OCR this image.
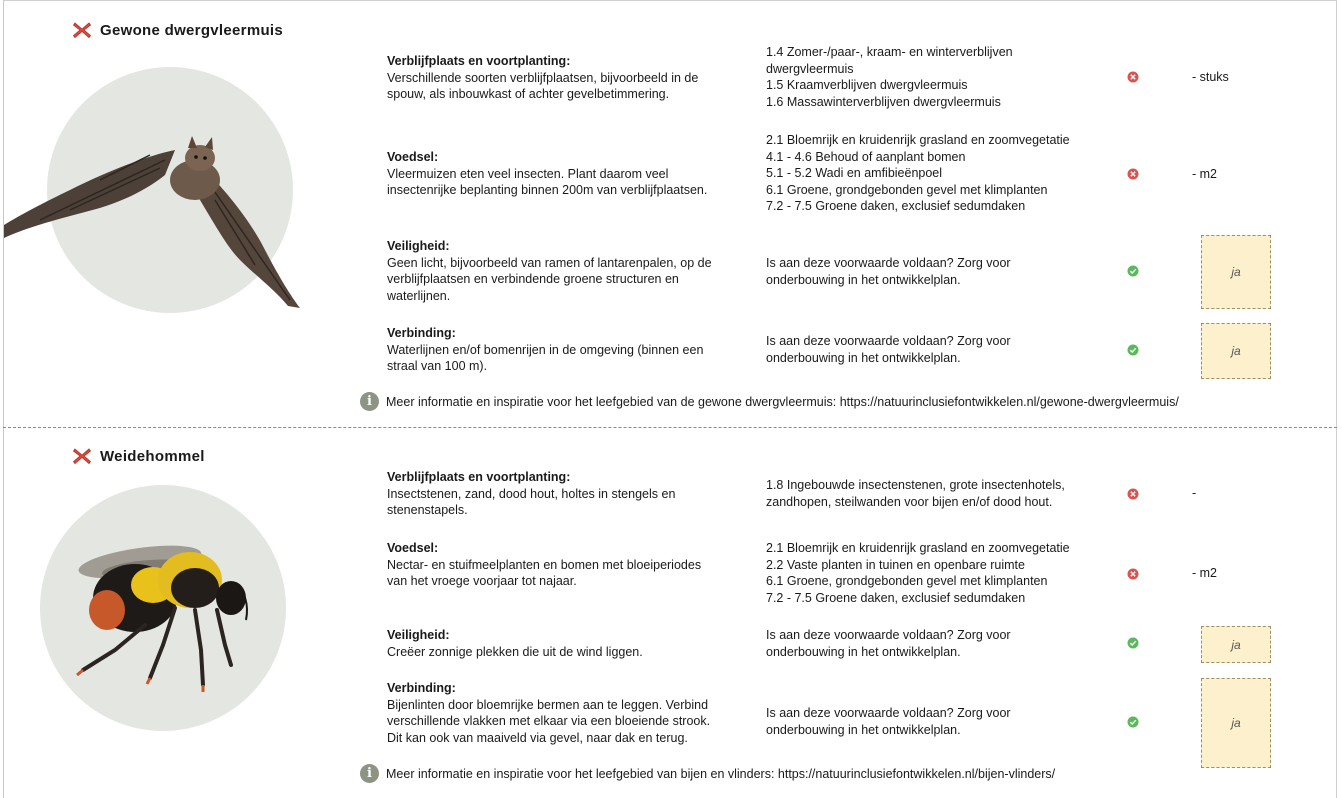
Gewone dwergvleermuis
Verblijfplaats en voortplanting:
Verschillende soorten verblijfplaatsen, bijvoorbeeld in de
spouw, als inbouwkast of achter gevelbetimmering.
1.4 Zomer-/paar-, kraam- en winterverblijven
dwergvleermuis
1.5 Kraamverblijven dwergvleermuis
1.6 Massawinterverblijven dwergvleermuis
- stuks
Voedsel:
Vleermuizen eten veel insecten. Plant daarom veel
insectenrijke beplanting binnen 200m van verblijfplaatsen.
2.1 Bloemrijk en kruidenrijk grasland en zoomvegetatie
4.1 - 4.6 Behoud of aanplant bomen
5.1 - 5.2 Wadi en amfibieënpoel
6.1 Groene, grondgebonden gevel met klimplanten
7.2 - 7.5 Groene daken, exclusief sedumdaken
- m2
Veiligheid:
Geen licht, bijvoorbeeld van ramen of lantarenpalen, op de
verblijfplaatsen en verbindende groene structuren en
waterlijnen.
Is aan deze voorwaarde voldaan? Zorg voor
onderbouwing in het ontwikkelplan.
ja
Verbinding:
Waterlijnen en/of bomenrijen in de omgeving (binnen een
straal van 100 m).
Is aan deze voorwaarde voldaan? Zorg voor
onderbouwing in het ontwikkelplan.	ja
i	Meer informatie en inspiratie voor het leefgebied van de gewone dwergvleermuis: https://natuurinclusiefontwikkelen.nl/gewone-dwergvleermuis/
Weidehommel
Verblijfplaats en voortplanting:
Insectstenen, zand, dood hout, holtes in stengels en
stenenstapels.
1.8 Ingebouwde insectenstenen, grote insectenhotels,
zandhopen, steilwanden voor bijen en/of dood hout.
-
Voedsel:
Nectar- en stuifmeelplanten en bomen met bloeiperiodes
van het vroege voorjaar tot najaar.
2.1 Bloemrijk en kruidenrijk grasland en zoomvegetatie
2.2 Vaste planten in tuinen en openbare ruimte
6.1 Groene, grondgebonden gevel met klimplanten
7.2 - 7.5 Groene daken, exclusief sedumdaken
- m2
Veiligheid:
Creëer zonnige plekken die uit de wind liggen.
Is aan deze voorwaarde voldaan? Zorg voor
onderbouwing in het ontwikkelplan.	ja
Verbinding:
Bijenlinten door bloemrijke bermen aan te leggen. Verbind
verschillende vlakken met elkaar via een bloeiende strook.
Dit kan ook van maaiveld via gevel, naar dak en terug.
Is aan deze voorwaarde voldaan? Zorg voor
onderbouwing in het ontwikkelplan.	ja
i	Meer informatie en inspiratie voor het leefgebied van bijen en vlinders: https://natuurinclusiefontwikkelen.nl/bijen-vlinders/
